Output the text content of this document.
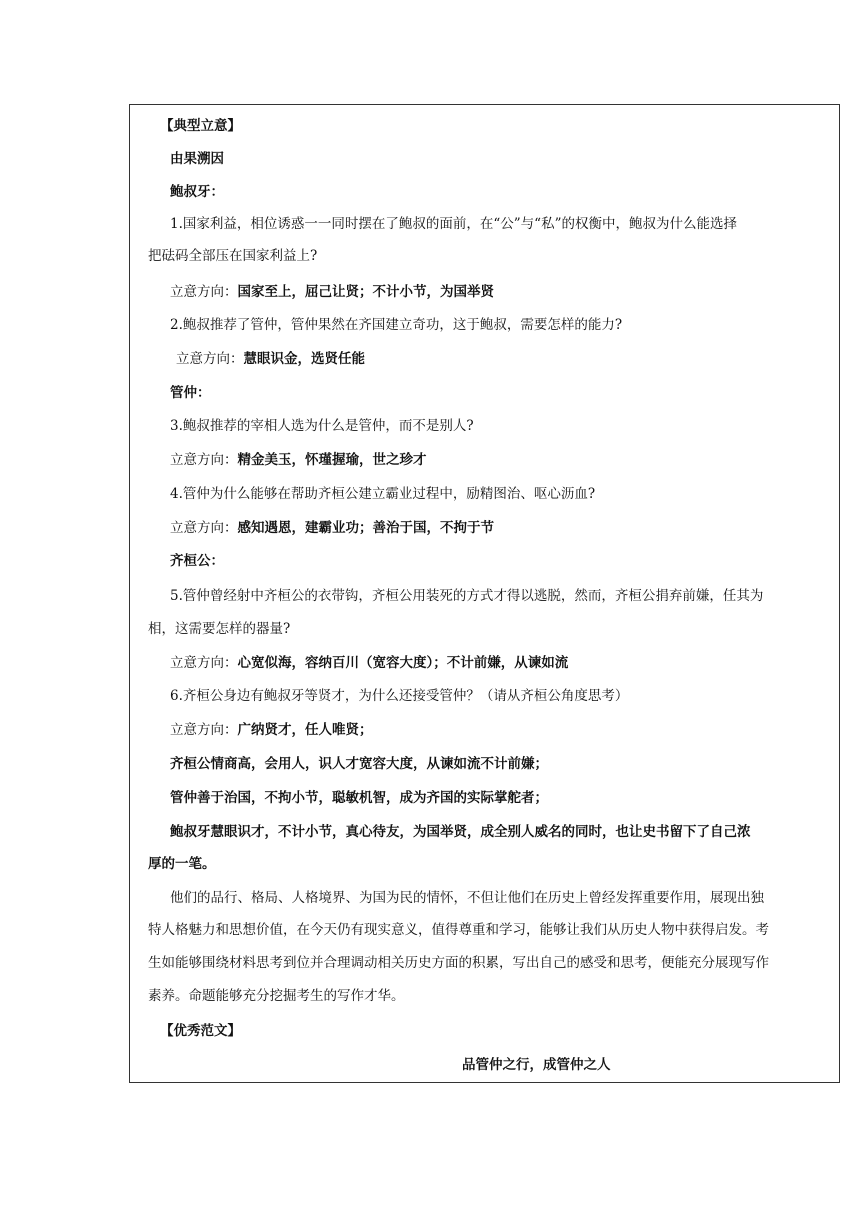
【典型立意】
由果溯因
鲍叔牙：
1.国家利益，相位诱惑一一同时摆在了鲍叔的面前，在“公”与“私”的权衡中，鲍叔为什么能选择
把砝码全部压在国家利益上?
立意方向：国家至上，屈己让贤；不计小节，为国举贤
2.鲍叔推荐了管仲，管仲果然在齐国建立奇功，这于鲍叔，需要怎样的能力?
立意方向：慧眼识金，选贤任能
管仲：
3.鲍叔推荐的宰相人选为什么是管仲，而不是别人?
立意方向：精金美玉，怀瑾握瑜，世之珍才
4.管仲为什么能够在帮助齐桓公建立霸业过程中，励精图治、呕心沥血?
立意方向：感知遇恩，建霸业功；善治于国，不拘于节
齐桓公：
5.管仲曾经射中齐桓公的衣带钩，齐桓公用装死的方式才得以逃脱，然而，齐桓公捐弃前嫌，任其为
相，这需要怎样的器量?
立意方向：心宽似海，容纳百川（宽容大度）；不计前嫌，从谏如流
6.齐桓公身边有鲍叔牙等贤才，为什么还接受管仲？（请从齐桓公角度思考）
立意方向：广纳贤才，任人唯贤；
齐桓公情商高，会用人，识人才宽容大度，从谏如流不计前嫌；
管仲善于治国，不拘小节，聪敏机智，成为齐国的实际掌舵者；
鲍叔牙慧眼识才，不计小节，真心待友，为国举贤，成全别人威名的同时，也让史书留下了自己浓
厚的一笔。
他们的品行、格局、人格境界、为国为民的情怀，不但让他们在历史上曾经发挥重要作用，展现出独
特人格魅力和思想价值，在今天仍有现实意义，值得尊重和学习，能够让我们从历史人物中获得启发。考
生如能够围绕材料思考到位并合理调动相关历史方面的积累，写出自己的感受和思考，便能充分展现写作
素养。命题能够充分挖掘考生的写作才华。
【优秀范文】
品管仲之行，成管仲之人
